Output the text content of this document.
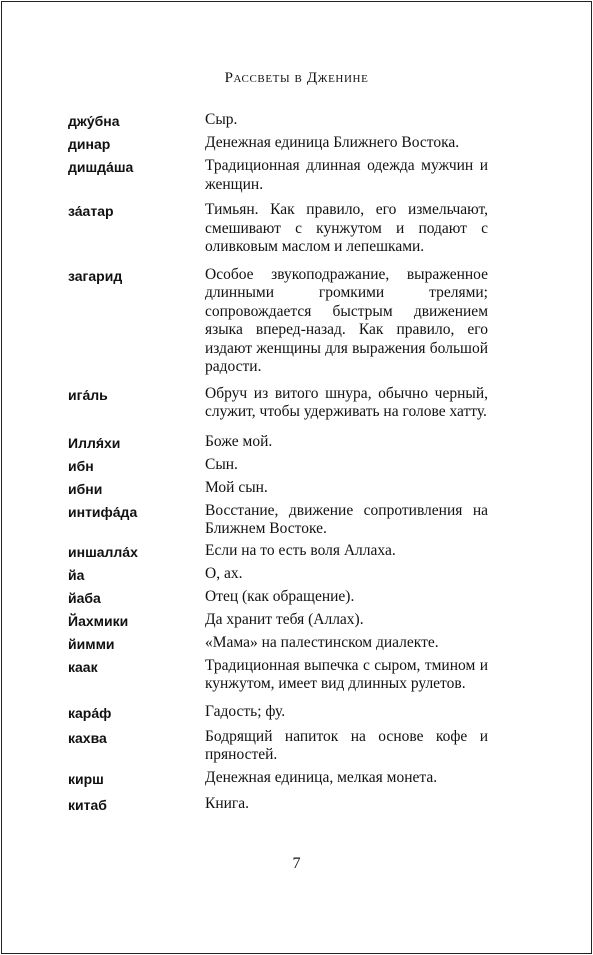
Рассветы в Дженине
джу́бна	Сыр.
динар	Денежная единица Ближнего Востока.
дишда́ша	Традиционная длинная одежда мужчин и женщин.
за́атар	Тимьян. Как правило, его измельчают, смешивают с кунжутом и подают с оливковым маслом и лепешками.
загарид	Особое звукоподражание, выраженное длинными громкими трелями; сопровождается быстрым движением языка вперед-назад. Как правило, его издают женщины для выражения большой радости.
ига́ль	Обруч из витого шнура, обычно черный, служит, чтобы удерживать на голове хатту.
Илля́хи	Боже мой.
ибн	Сын.
ибни	Мой сын.
интифа́да	Восстание, движение сопротивления на Ближнем Востоке.
иншалла́х	Если на то есть воля Аллаха.
йа	О, ах.
йаба	Отец (как обращение).
Йахмики	Да хранит тебя (Аллах).
йимми	«Мама» на палестинском диалекте.
каак	Традиционная выпечка с сыром, тмином и кунжутом, имеет вид длинных рулетов.
кара́ф	Гадость; фу.
кахва	Бодрящий напиток на основе кофе и пряностей.
кирш	Денежная единица, мелкая монета.
китаб	Книга.
7
